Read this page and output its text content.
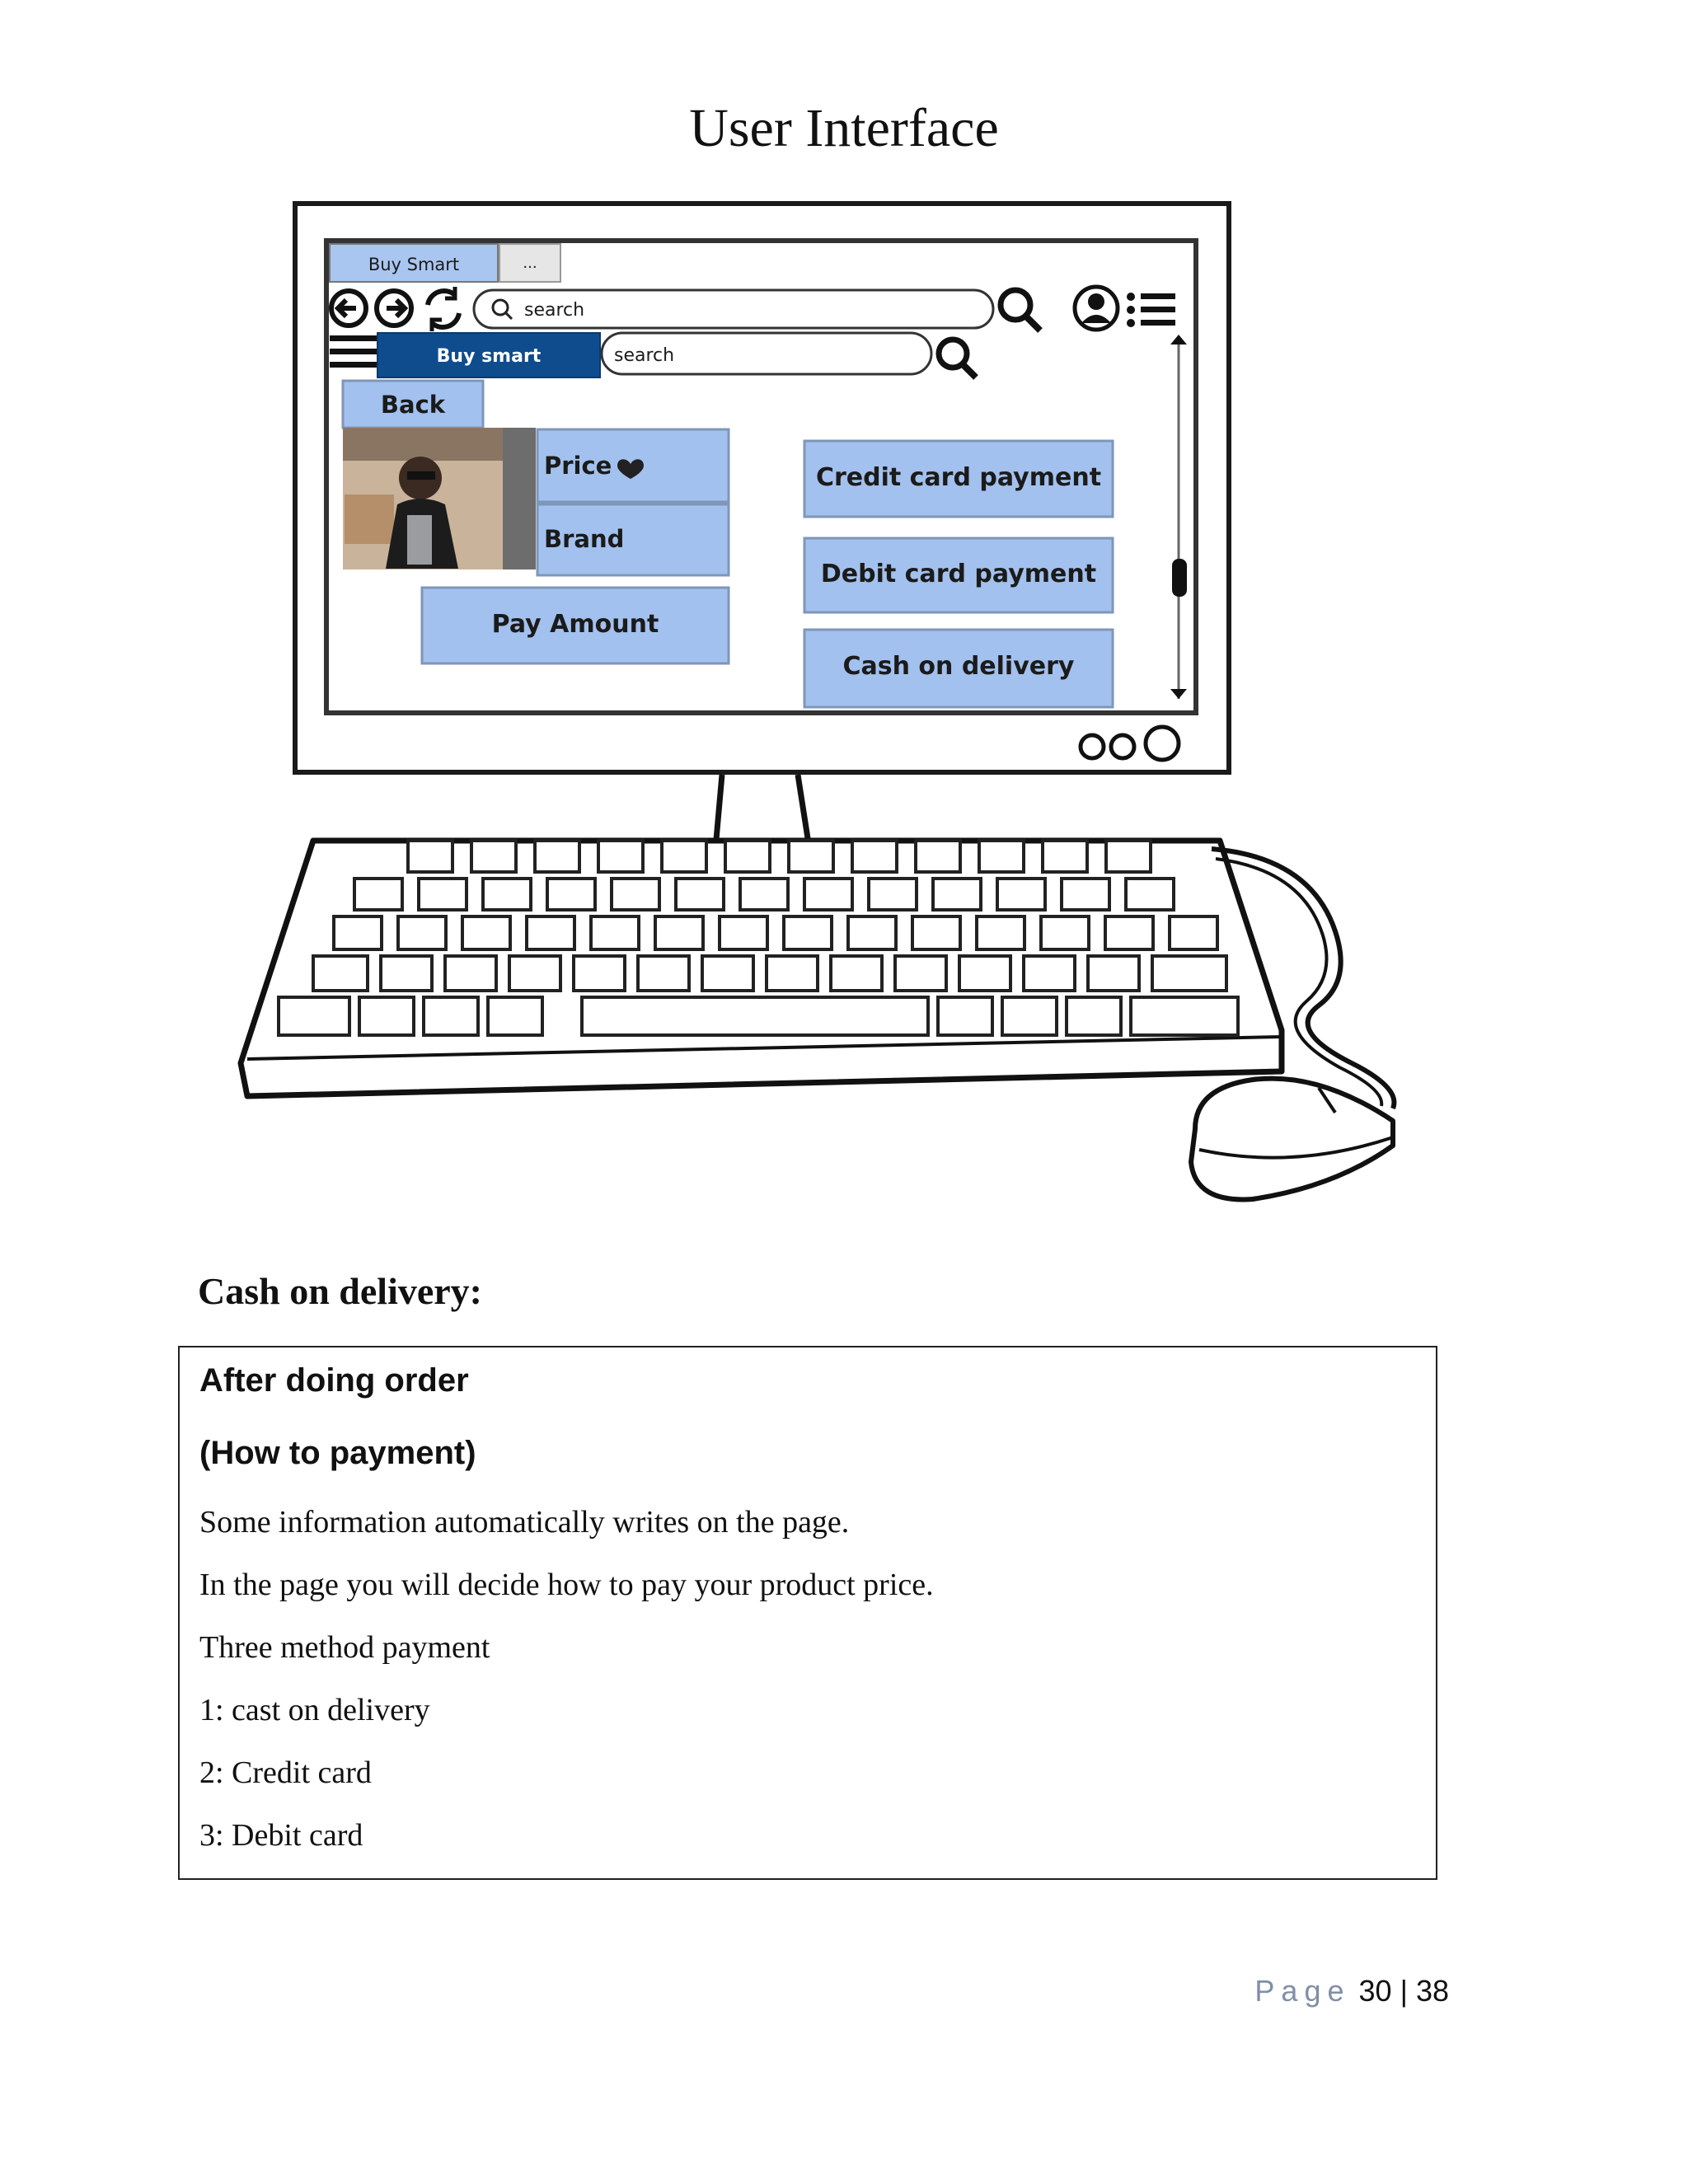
User Interface
Buy Smart	...
search
Buy smart	search
Back
Price
Brand
Pay Amount
Credit card payment
Debit card payment
Cash on delivery
Cash on delivery:

After doing order

(How to payment)

Some information automatically writes on the page.

In the page you will decide how to pay your product price.

Three method payment

1: cast on delivery

2: Credit card

3: Debit card

Page 30 | 38
